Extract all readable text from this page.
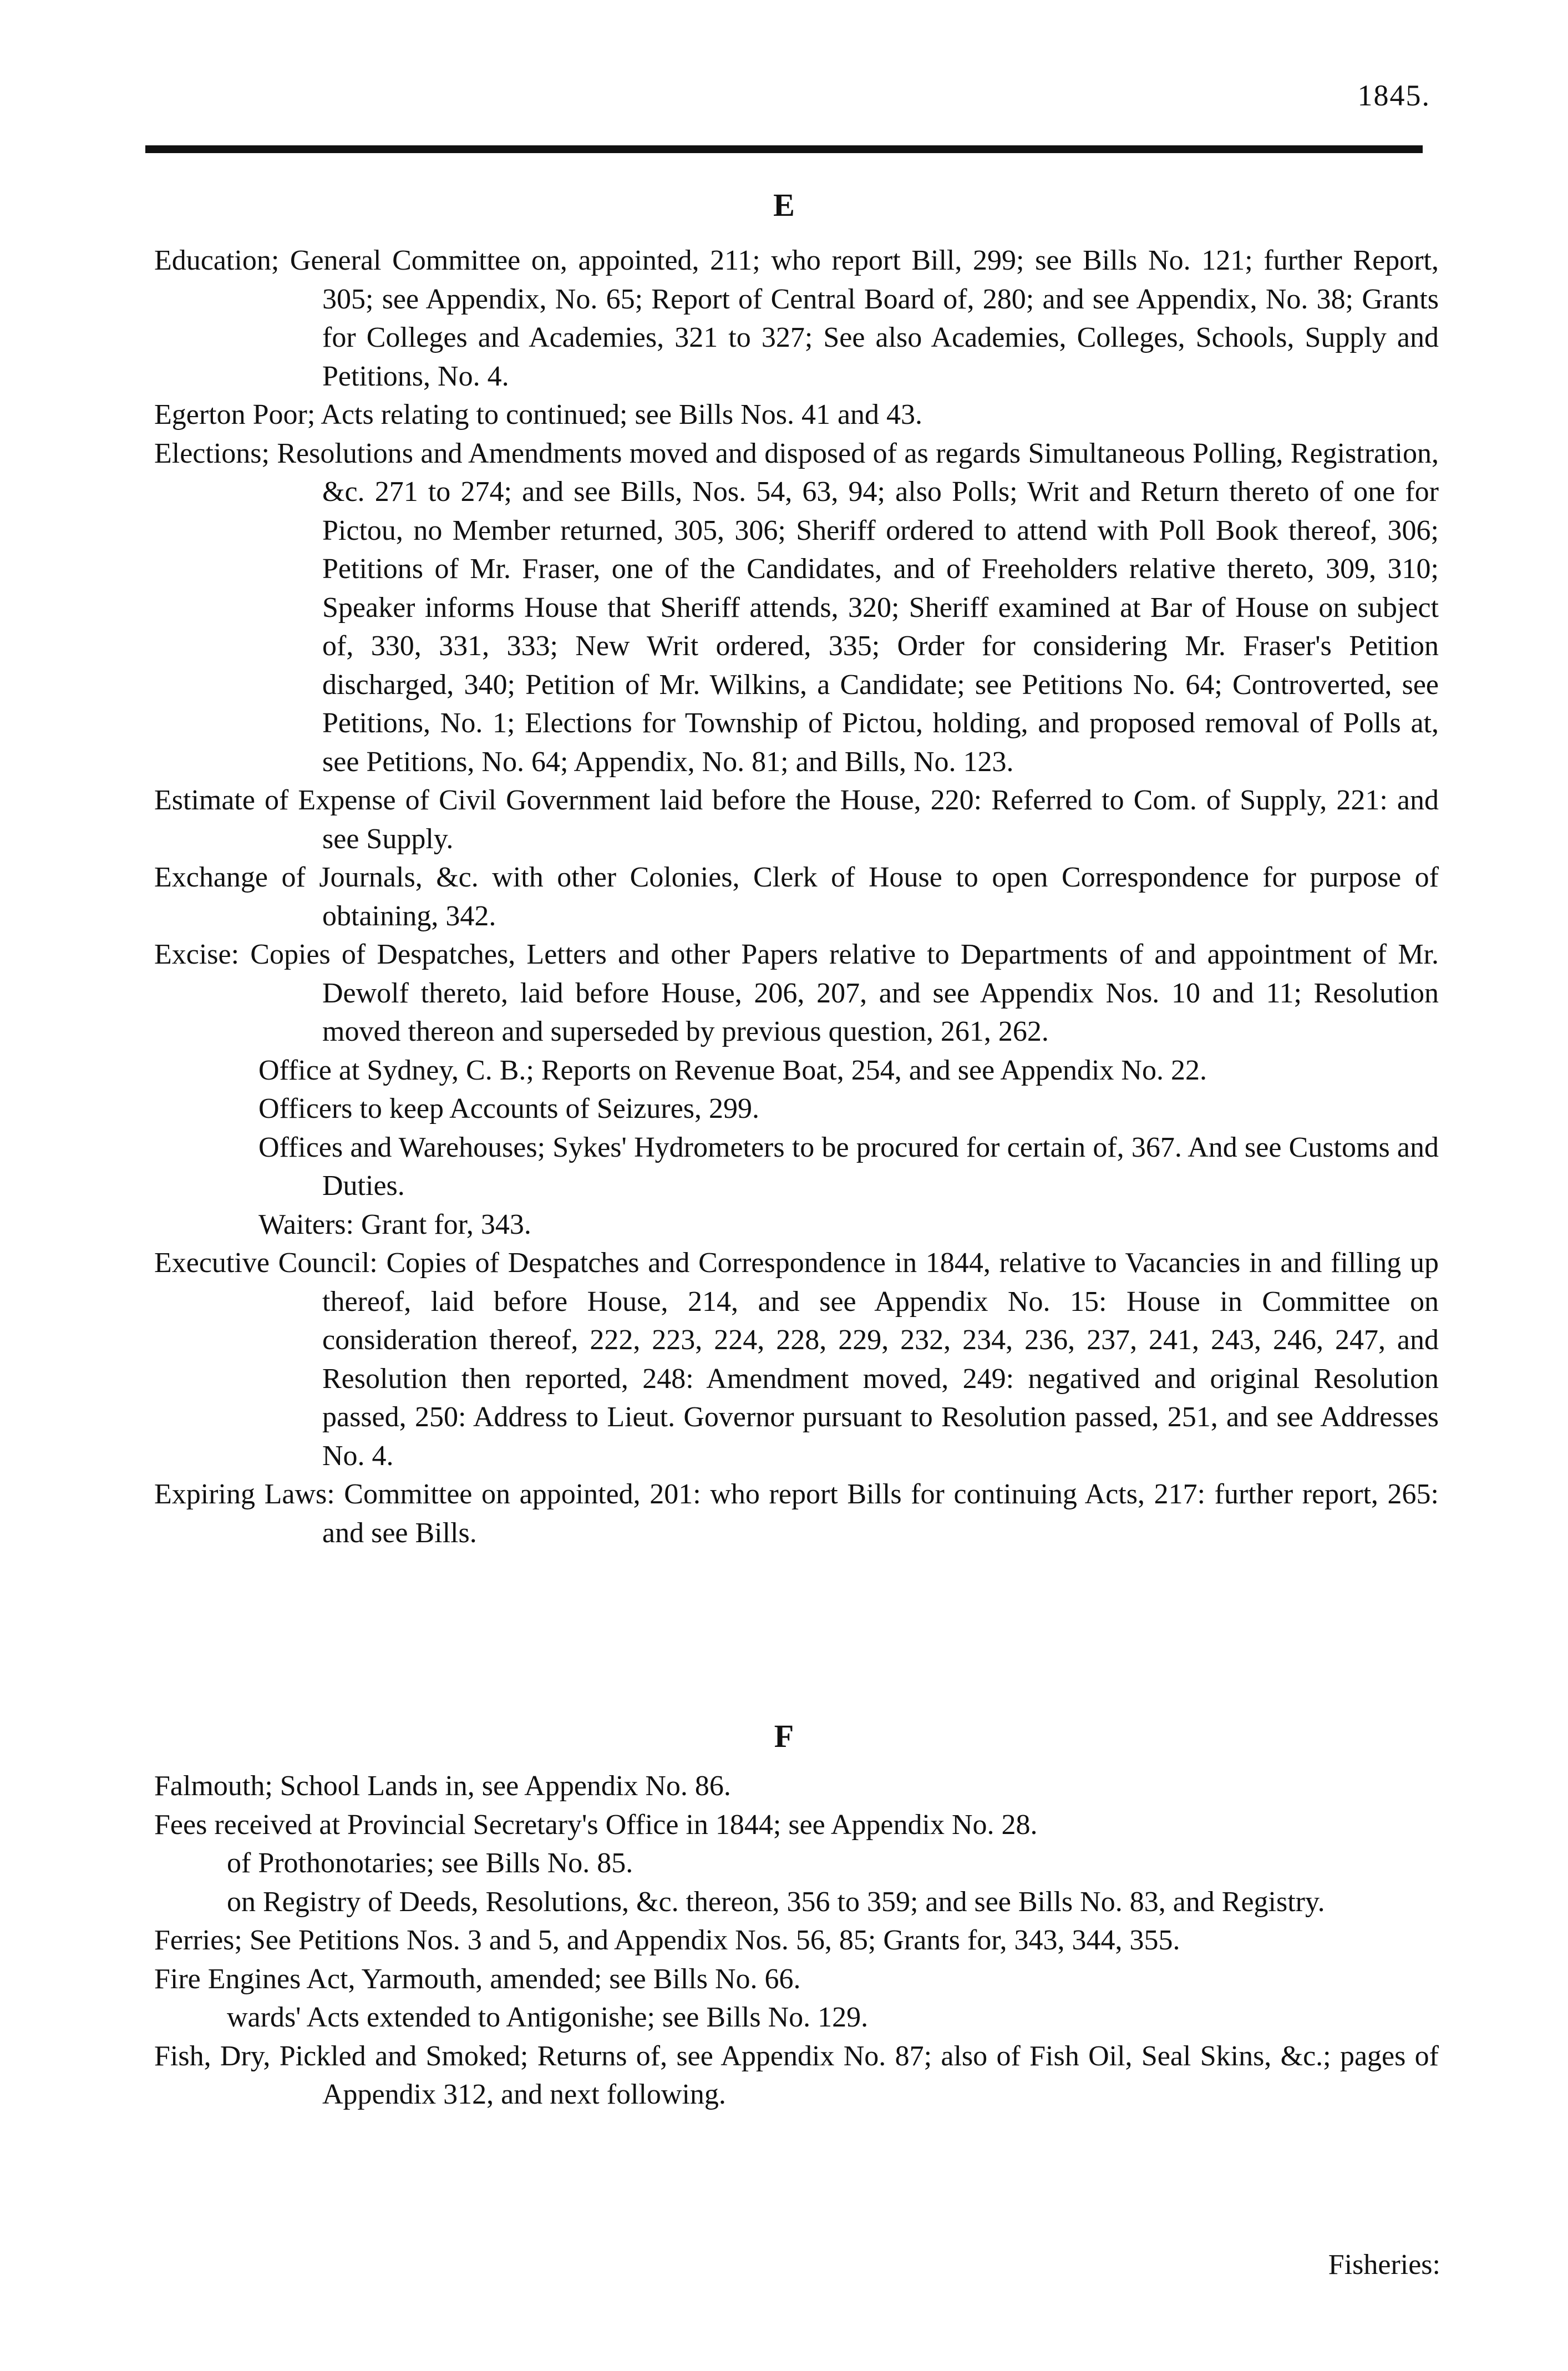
1845.
E

Education; General Committee on, appointed, 211; who report Bill, 299; see Bills No. 121; further Report, 305; see Appendix, No. 65; Report of Central Board of, 280; and see Appendix, No. 38; Grants for Colleges and Academies, 321 to 327; See also Academies, Colleges, Schools, Supply and Petitions, No. 4.

Egerton Poor; Acts relating to continued; see Bills Nos. 41 and 43.

Elections; Resolutions and Amendments moved and disposed of as regards Simultaneous Polling, Registration, &c. 271 to 274; and see Bills, Nos. 54, 63, 94; also Polls; Writ and Return thereto of one for Pictou, no Member returned, 305, 306; Sheriff ordered to attend with Poll Book thereof, 306; Petitions of Mr. Fraser, one of the Candidates, and of Freeholders relative thereto, 309, 310; Speaker informs House that Sheriff attends, 320; Sheriff examined at Bar of House on subject of, 330, 331, 333; New Writ ordered, 335; Order for considering Mr. Fraser's Petition discharged, 340; Petition of Mr. Wilkins, a Candidate; see Petitions No. 64; Controverted, see Petitions, No. 1; Elections for Township of Pictou, holding, and proposed removal of Polls at, see Petitions, No. 64; Appendix, No. 81; and Bills, No. 123.

Estimate of Expense of Civil Government laid before the House, 220: Referred to Com. of Supply, 221: and see Supply.

Exchange of Journals, &c. with other Colonies, Clerk of House to open Correspondence for purpose of obtaining, 342.

Excise: Copies of Despatches, Letters and other Papers relative to Departments of and appointment of Mr. Dewolf thereto, laid before House, 206, 207, and see Appendix Nos. 10 and 11; Resolution moved thereon and superseded by previous question, 261, 262.

Office at Sydney, C. B.; Reports on Revenue Boat, 254, and see Appendix No. 22.

Officers to keep Accounts of Seizures, 299.

Offices and Warehouses; Sykes' Hydrometers to be procured for certain of, 367. And see Customs and Duties.

Waiters: Grant for, 343.

Executive Council: Copies of Despatches and Correspondence in 1844, relative to Vacancies in and filling up thereof, laid before House, 214, and see Appendix No. 15: House in Committee on consideration thereof, 222, 223, 224, 228, 229, 232, 234, 236, 237, 241, 243, 246, 247, and Resolution then reported, 248: Amendment moved, 249: negatived and original Resolution passed, 250: Address to Lieut. Governor pursuant to Resolution passed, 251, and see Addresses No. 4.

Expiring Laws: Committee on appointed, 201: who report Bills for continuing Acts, 217: further report, 265: and see Bills.

F

Falmouth; School Lands in, see Appendix No. 86.

Fees received at Provincial Secretary's Office in 1844; see Appendix No. 28.

of Prothonotaries; see Bills No. 85.

on Registry of Deeds, Resolutions, &c. thereon, 356 to 359; and see Bills No. 83, and Registry.

Ferries; See Petitions Nos. 3 and 5, and Appendix Nos. 56, 85; Grants for, 343, 344, 355.

Fire Engines Act, Yarmouth, amended; see Bills No. 66.

wards' Acts extended to Antigonishe; see Bills No. 129.

Fish, Dry, Pickled and Smoked; Returns of, see Appendix No. 87; also of Fish Oil, Seal Skins, &c.; pages of Appendix 312, and next following.

Fisheries:
